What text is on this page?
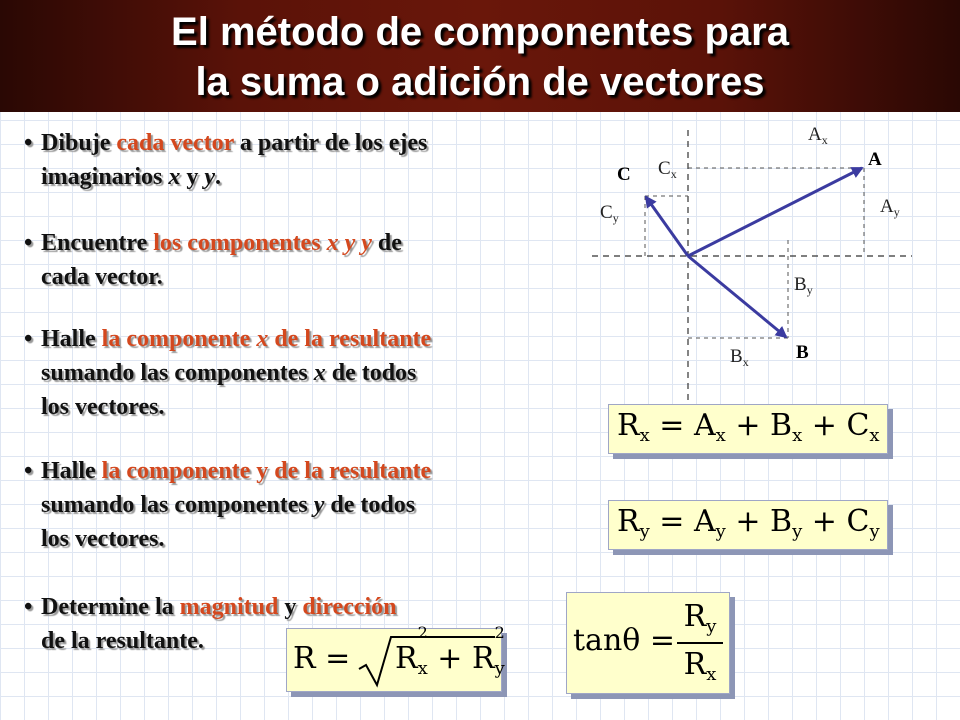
El método de componentes para
la suma o adición de vectores
• Dibuje cada vector a partir de los ejes
imaginarios x y y.
• Encuentre los componentes x y y de
cada vector.
• Halle la componente x de la resultante
sumando las componentes x de todos
los vectores.
• Halle la componente y de la resultante
sumando las componentes y de todos
los vectores.
• Determine la magnitud y dirección
de la resultante.
A
C
B
$A_x$
$A_y$
$C_x$
$C_y$
$B_y$
$B_x$
$R_x = A_x + B_x + C_x$
$R_y = A_y + B_y + C_y$
$R = R_x$
2
+ $R_y$
2 tanθ =
$R_y$
$R_x$
